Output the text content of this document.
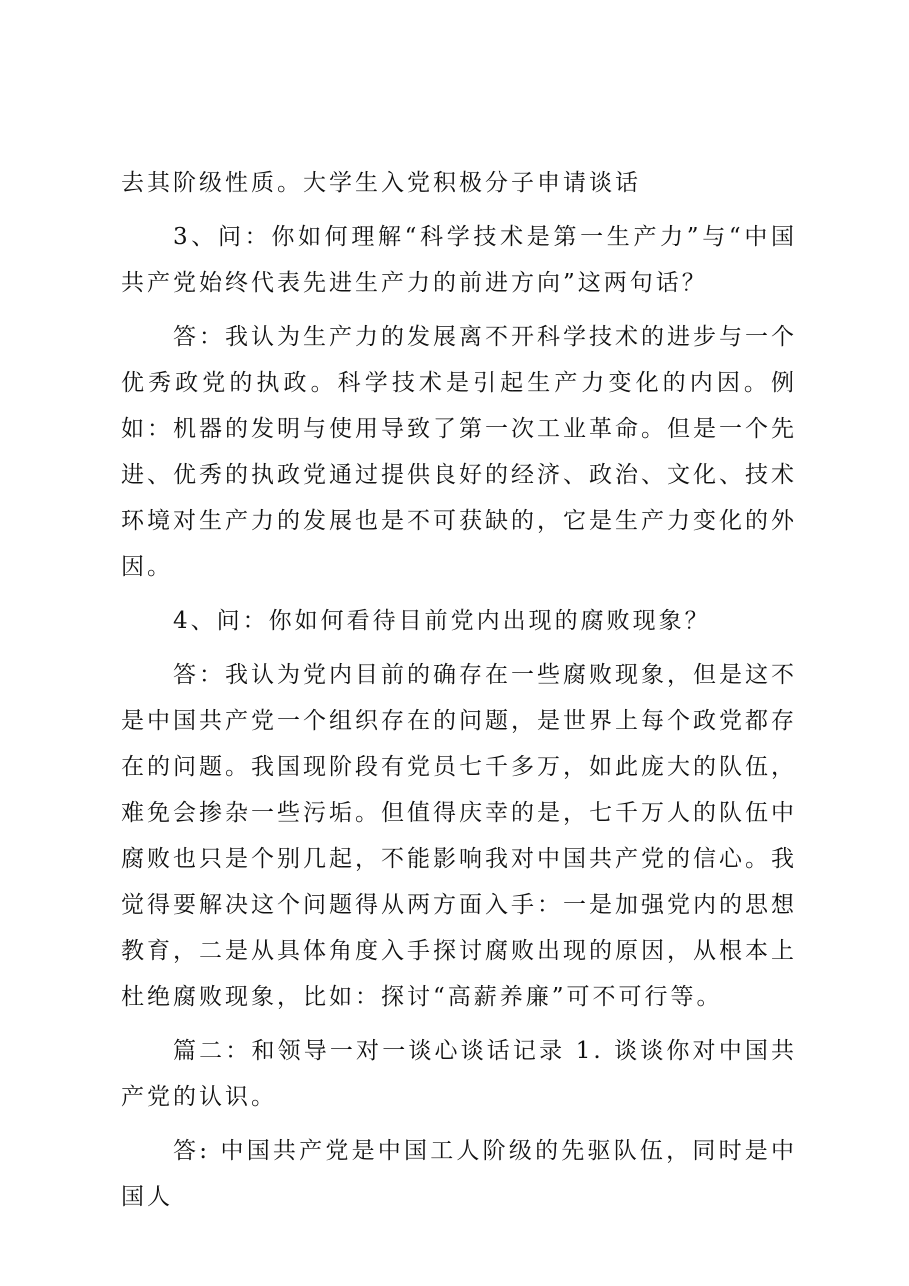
去其阶级性质。大学生入党积极分子申请谈话

3、问：你如何理解“科学技术是第一生产力”与“中国共产党始终代表先进生产力的前进方向”这两句话？

答：我认为生产力的发展离不开科学技术的进步与一个优秀政党的执政。科学技术是引起生产力变化的内因。例如：机器的发明与使用导致了第一次工业革命。但是一个先进、优秀的执政党通过提供良好的经济、政治、文化、技术环境对生产力的发展也是不可获缺的，它是生产力变化的外因。

4、问：你如何看待目前党内出现的腐败现象？

答：我认为党内目前的确存在一些腐败现象，但是这不是中国共产党一个组织存在的问题，是世界上每个政党都存在的问题。我国现阶段有党员七千多万，如此庞大的队伍，难免会掺杂一些污垢。但值得庆幸的是，七千万人的队伍中腐败也只是个别几起，不能影响我对中国共产党的信心。我觉得要解决这个问题得从两方面入手：一是加强党内的思想教育，二是从具体角度入手探讨腐败出现的原因，从根本上杜绝腐败现象，比如：探讨“高薪养廉”可不可行等。

篇二：和领导一对一谈心谈话记录 1. 谈谈你对中国共产党的认识。

答: 中国共产党是中国工人阶级的先驱队伍，同时是中国人
